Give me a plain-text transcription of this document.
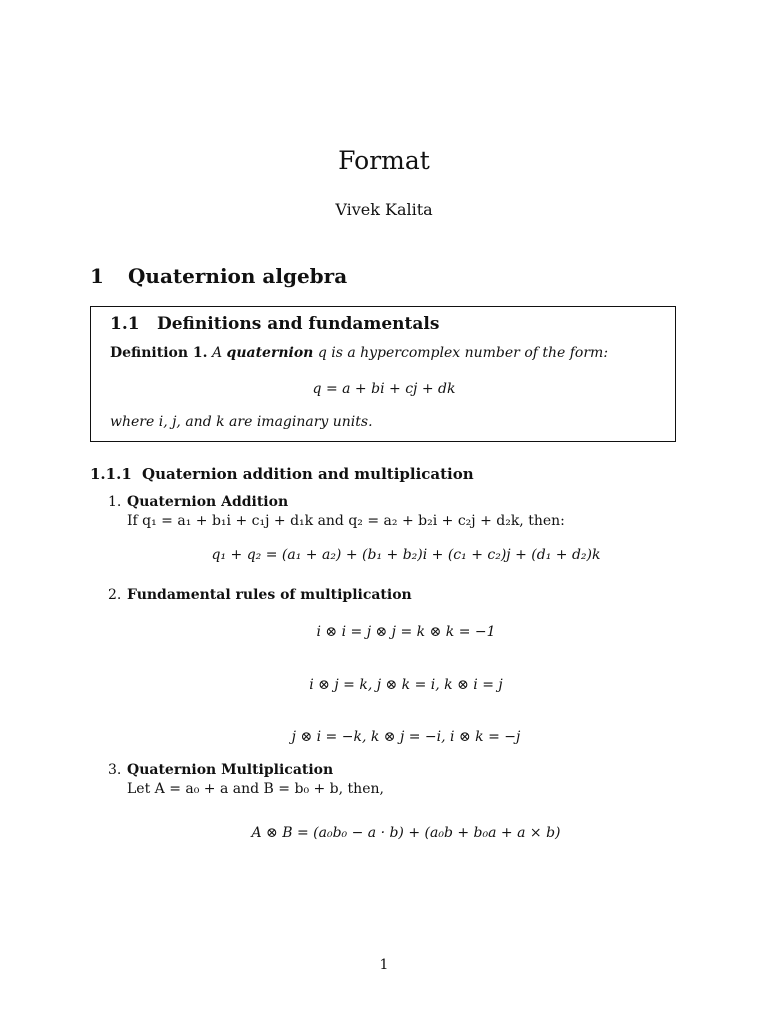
Format
Vivek Kalita
1 Quaternion algebra
1.1 Definitions and fundamentals
Definition 1. A quaternion q is a hypercomplex number of the form:
q = a + bi + cj + dk
where i, j, and k are imaginary units.
1.1.1 Quaternion addition and multiplication
1. Quaternion Addition
If q₁ = a₁ + b₁i + c₁j + d₁k and q₂ = a₂ + b₂i + c₂j + d₂k, then:
q₁ + q₂ = (a₁ + a₂) + (b₁ + b₂)i + (c₁ + c₂)j + (d₁ + d₂)k
2. Fundamental rules of multiplication
i ⊗ i = j ⊗ j = k ⊗ k = −1
i ⊗ j = k, j ⊗ k = i, k ⊗ i = j
j ⊗ i = −k, k ⊗ j = −i, i ⊗ k = −j
3. Quaternion Multiplication
Let A = a₀ + a and B = b₀ + b, then,
A ⊗ B = (a₀b₀ − a · b) + (a₀b + b₀a + a × b)
1
